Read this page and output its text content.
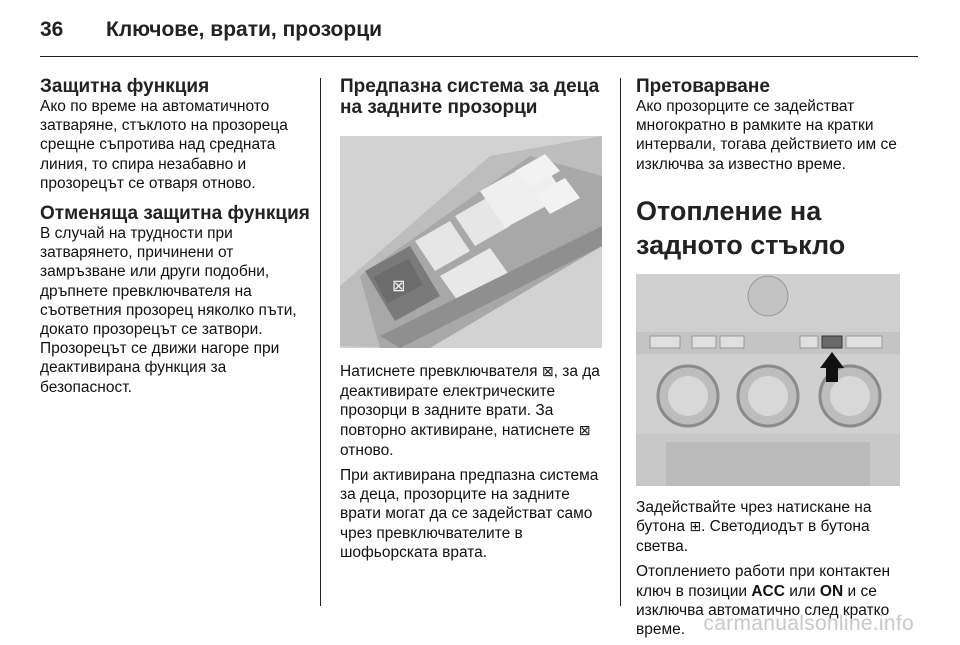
36 Ключове, врати, прозорци
Защитна функция

Ако по време на автоматичното затваряне, стъклото на прозореца срещне съпротива над средната линия, то спира незабавно и прозорецът се отваря отново.

Отменяща защитна функция

В случай на трудности при затварянето, причинени от замръзване или други подобни, дръпнете превключвателя на съответния прозорец няколко пъти, докато прозорецът се затвори. Прозорецът се движи нагоре при деактивирана функция за безопасност.

Предпазна система за деца на задните прозорци
⊠

Натиснете превключвателя ⊠, за да деактивирате електрическите прозорци в задните врати. За повторно активиране, натиснете ⊠ отново.

При активирана предпазна система за деца, прозорците на задните врати могат да се задействат само чрез превключвателите в шофьорската врата.

Претоварване

Ако прозорците се задействат многократно в рамките на кратки интервали, тогава действието им се изключва за известно време.

Отопление на задното стъкло

Задействайте чрез натискане на бутона ⊞. Светодиодът в бутона светва.

Отоплението работи при контактен ключ в позиции ACC или ON и се изключва автоматично след кратко време. carmanualsonline.info
